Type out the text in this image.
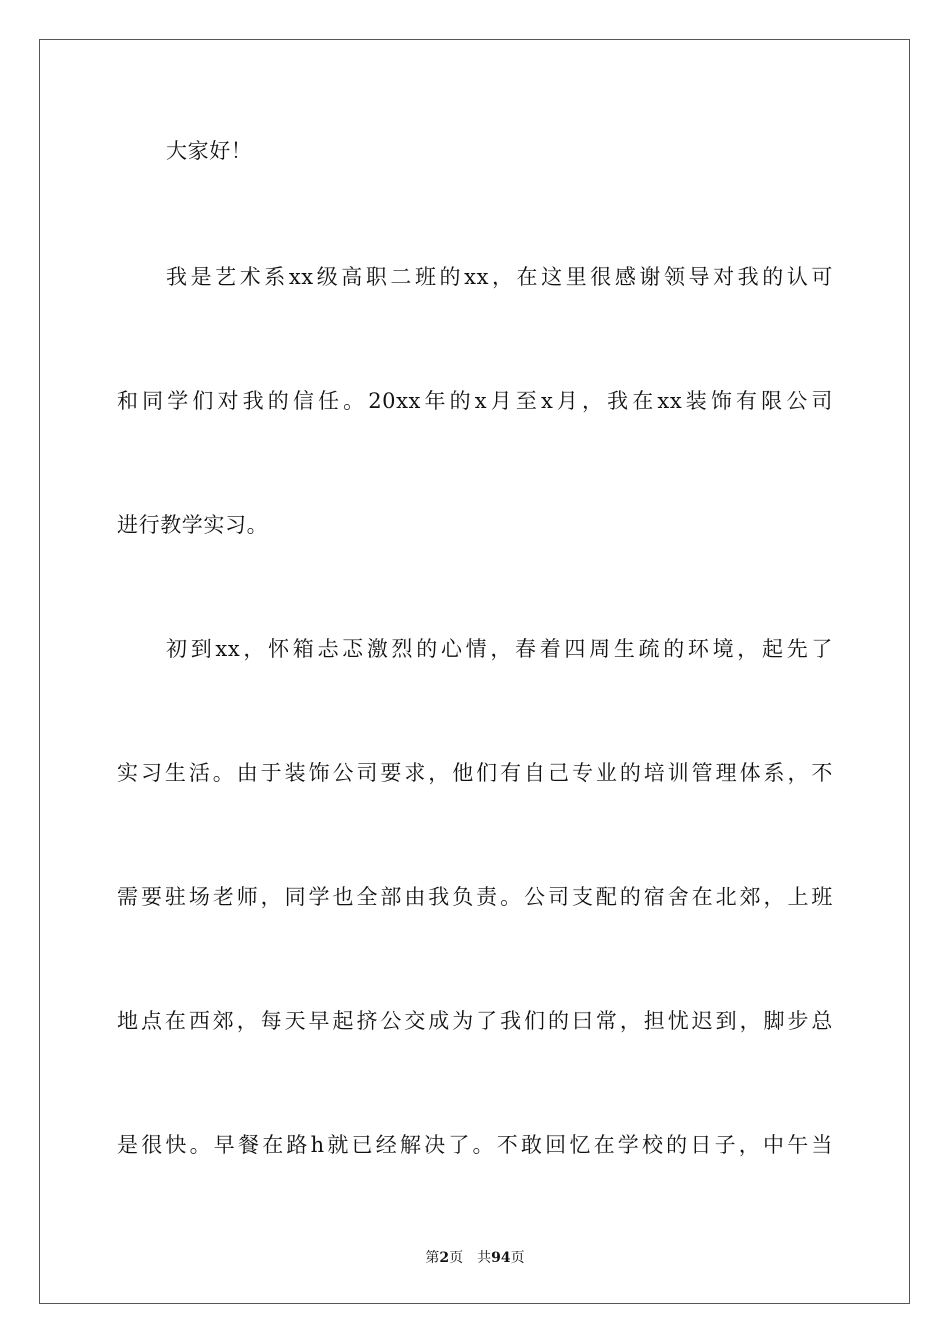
大家好！
我是艺术系xx级高职二班的xx，在这里很感谢领导对我的认可
和同学们对我的信任。20xx年的x月至x月，我在xx装饰有限公司
进行教学实习。
初到xx，怀箱忐忑激烈的心情，春着四周生疏的环境，起先了
实习生活。由于装饰公司要求，他们有自己专业的培训管理体系，不
需要驻场老师，同学也全部由我负责。公司支配的宿舍在北郊，上班
地点在西郊，每天早起挤公交成为了我们的曰常，担忧迟到，脚步总
是很快。早餐在路h就已经解决了。不敢回忆在学校的日子，中午当
第2页 共94页
